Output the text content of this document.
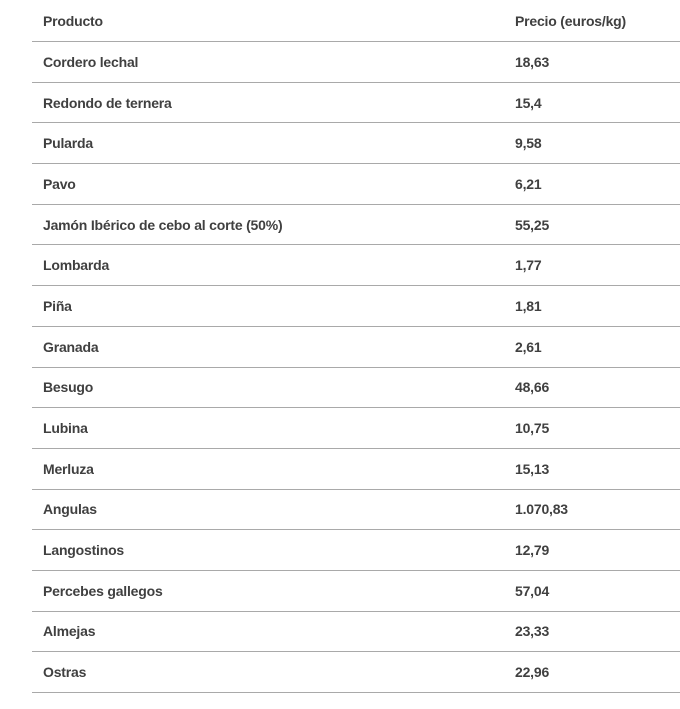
Producto	Precio (euros/kg)
Cordero lechal	18,63
Redondo de ternera	15,4
Pularda	9,58
Pavo	6,21
Jamón Ibérico de cebo al corte (50%)	55,25
Lombarda	1,77
Piña	1,81
Granada	2,61
Besugo	48,66
Lubina	10,75
Merluza	15,13
Angulas	1.070,83
Langostinos	12,79
Percebes gallegos	57,04
Almejas	23,33
Ostras	22,96
